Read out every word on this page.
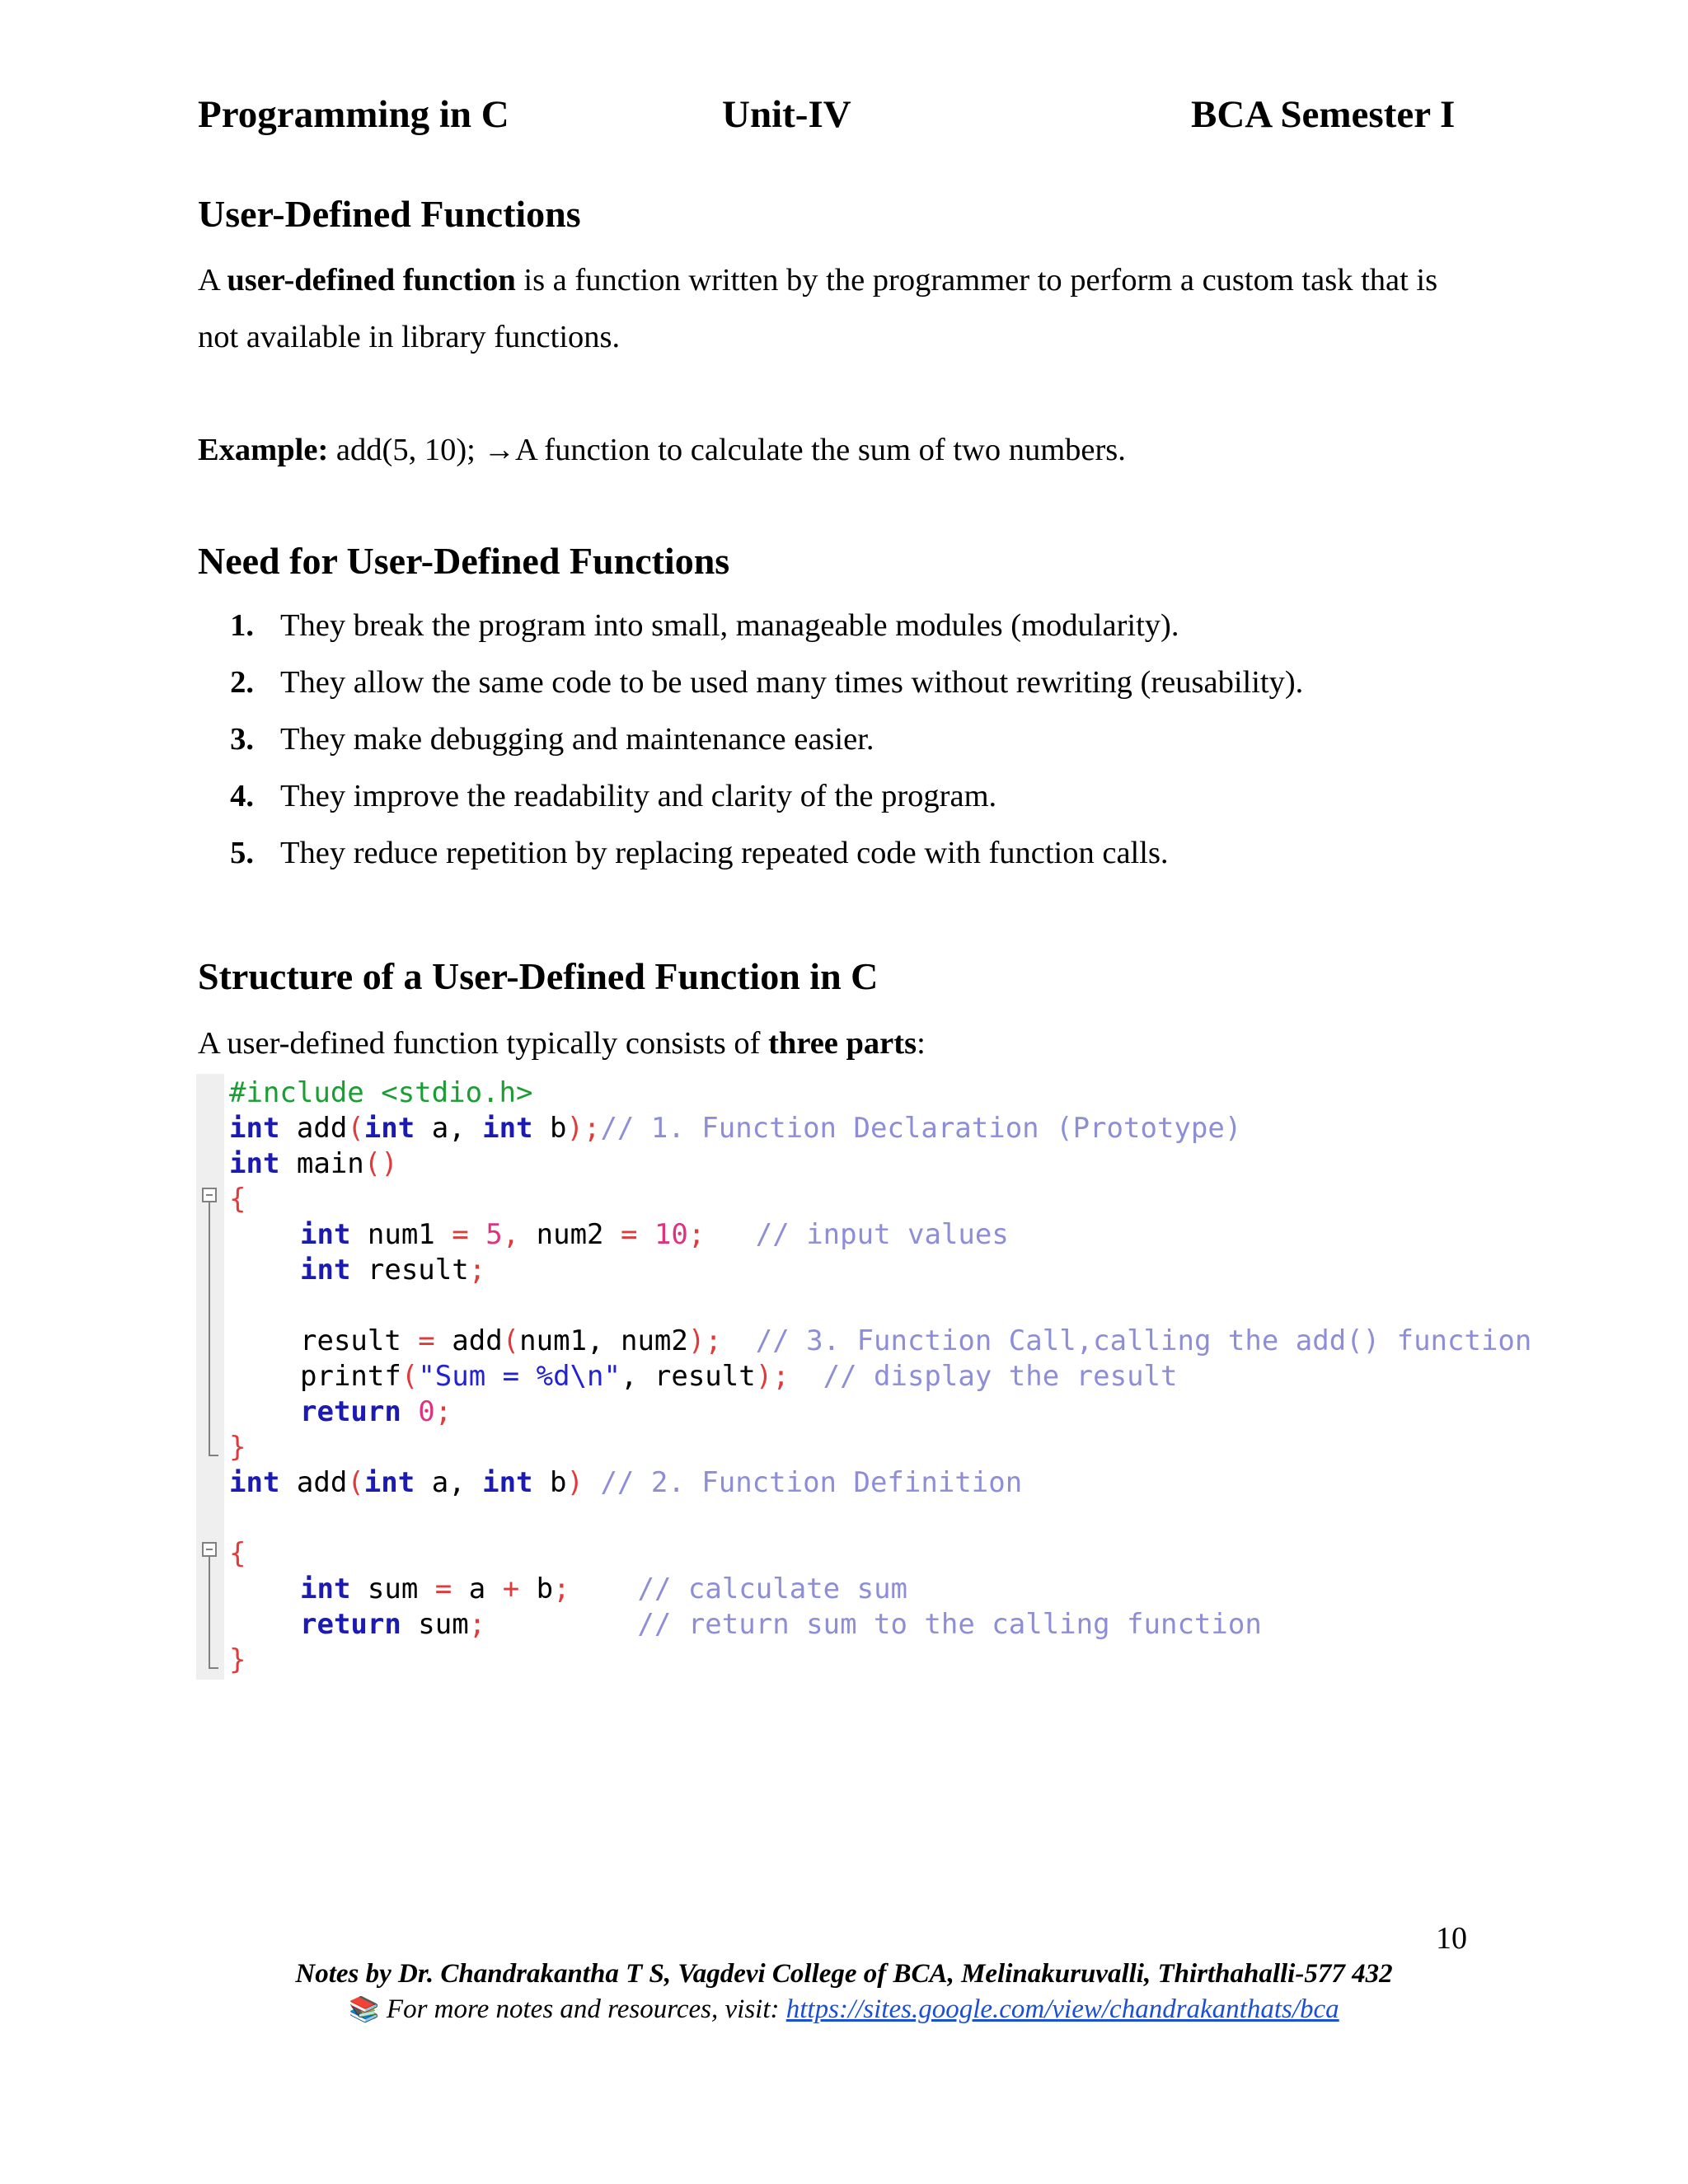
Programming in C	Unit-IV	BCA Semester I
User-Defined Functions
A user-defined function is a function written by the programmer to perform a custom task that is
not available in library functions.
Example: add(5, 10); →A function to calculate the sum of two numbers.
Need for User-Defined Functions
1. They break the program into small, manageable modules (modularity).
2. They allow the same code to be used many times without rewriting (reusability).
3. They make debugging and maintenance easier.
4. They improve the readability and clarity of the program.
5. They reduce repetition by replacing repeated code with function calls.
Structure of a User-Defined Function in C
A user-defined function typically consists of three parts:
#include <stdio.h>
int add(int a, int b);// 1. Function Declaration (Prototype)
int main()
{
int num1 = 5, num2 = 10;   // input values
int result;
result = add(num1, num2);  // 3. Function Call,calling the add() function
printf("Sum = %d\n", result);  // display the result
return 0;
}
int add(int a, int b) // 2. Function Definition
{
int sum = a + b;    // calculate sum
return sum;         // return sum to the calling function
}
10
Notes by Dr. Chandrakantha T S, Vagdevi College of BCA, Melinakuruvalli, Thirthahalli-577 432
📚 For more notes and resources, visit: https://sites.google.com/view/chandrakanthats/bca
